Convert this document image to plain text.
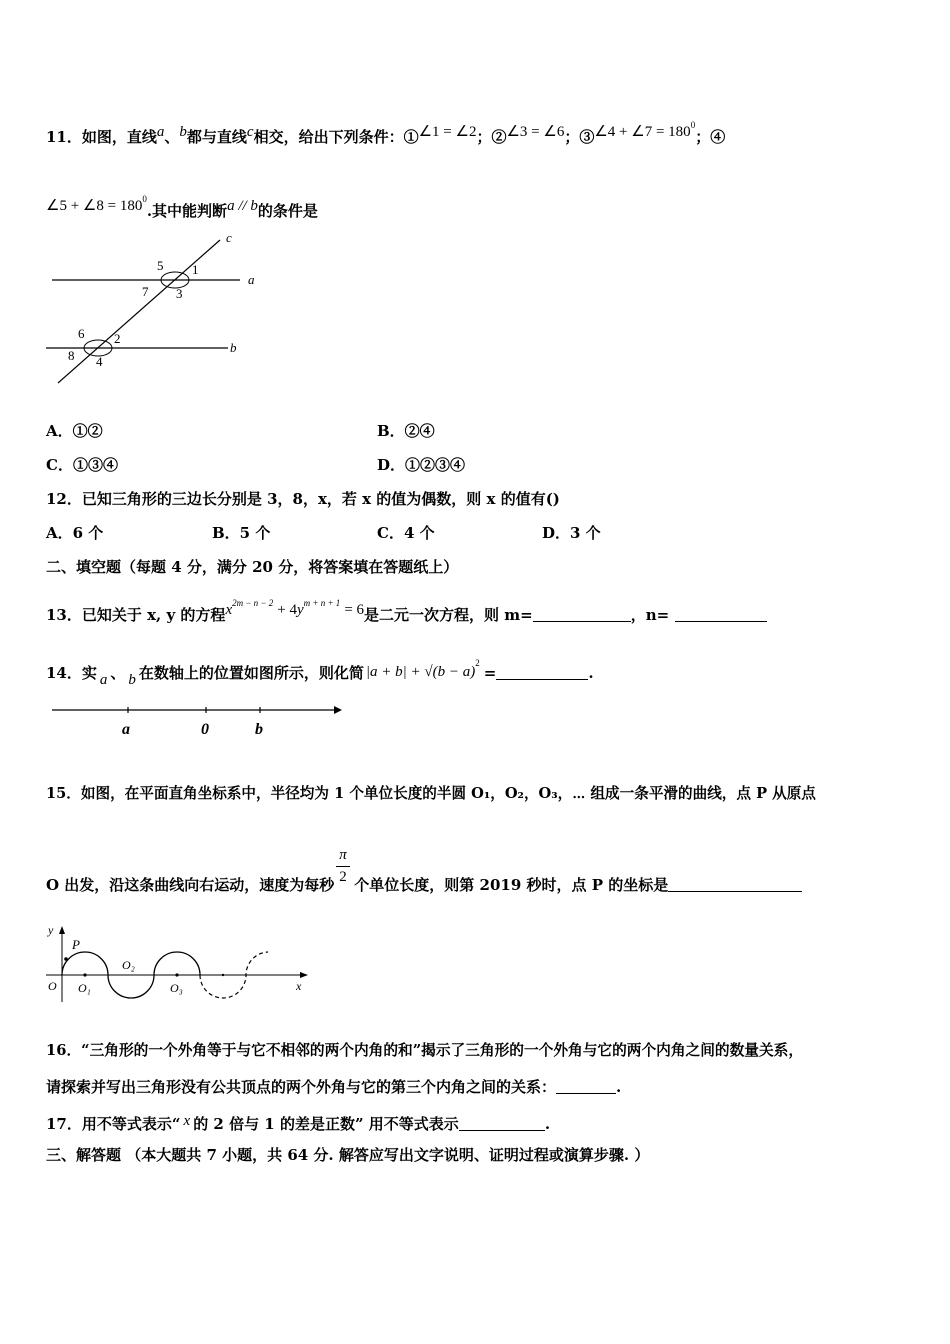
11．如图，直线a、b都与直线c相交，给出下列条件：①∠1 = ∠2；②∠3 = ∠6；③∠4 + ∠7 = $180^0$；④
∠5 + ∠8 = $180^0$.其中能判断a // b的条件是
c
5 1
a
7 3
6 2
b
8 4
A．①②	B．②④
C．①③④	D．①②③④
12．已知三角形的三边长分别是 3，8，x，若 x 的值为偶数，则 x 的值有()
A．6 个	B．5 个	C．4 个	D．3 个
二、填空题（每题 4 分，满分 20 分，将答案填在答题纸上）
13．已知关于 x, y 的方程$x^{2m - n - 2} + 4y^{m + n + 1} = 6$是二元一次方程，则 m=	，n=
14．实 a 、 b 在数轴上的位置如图所示，则化简 $|a + b| + √(b - a)^2=$	.
a	0	b
15．如图，在平面直角坐标系中，半径均为 1 个单位长度的半圆 O₁，O₂，O₃，⋯ 组成一条平滑的曲线，点 P 从原点
O 出发，沿这条曲线向右运动，速度为每秒 $\frac{\pi}{2}$ 个单位长度，则第 2019 秒时，点 P 的坐标是
y
P
O₂
O O₁	O₃	x
16．“三角形的一个外角等于与它不相邻的两个内角的和”揭示了三角形的一个外角与它的两个内角之间的数量关系，
请探索并写出三角形没有公共顶点的两个外角与它的第三个内角之间的关系：	.
17．用不等式表示“ x 的 2 倍与 1 的差是正数” 用不等式表示	.
三、解答题 （本大题共 7 小题，共 64 分. 解答应写出文字说明、证明过程或演算步骤. ）
